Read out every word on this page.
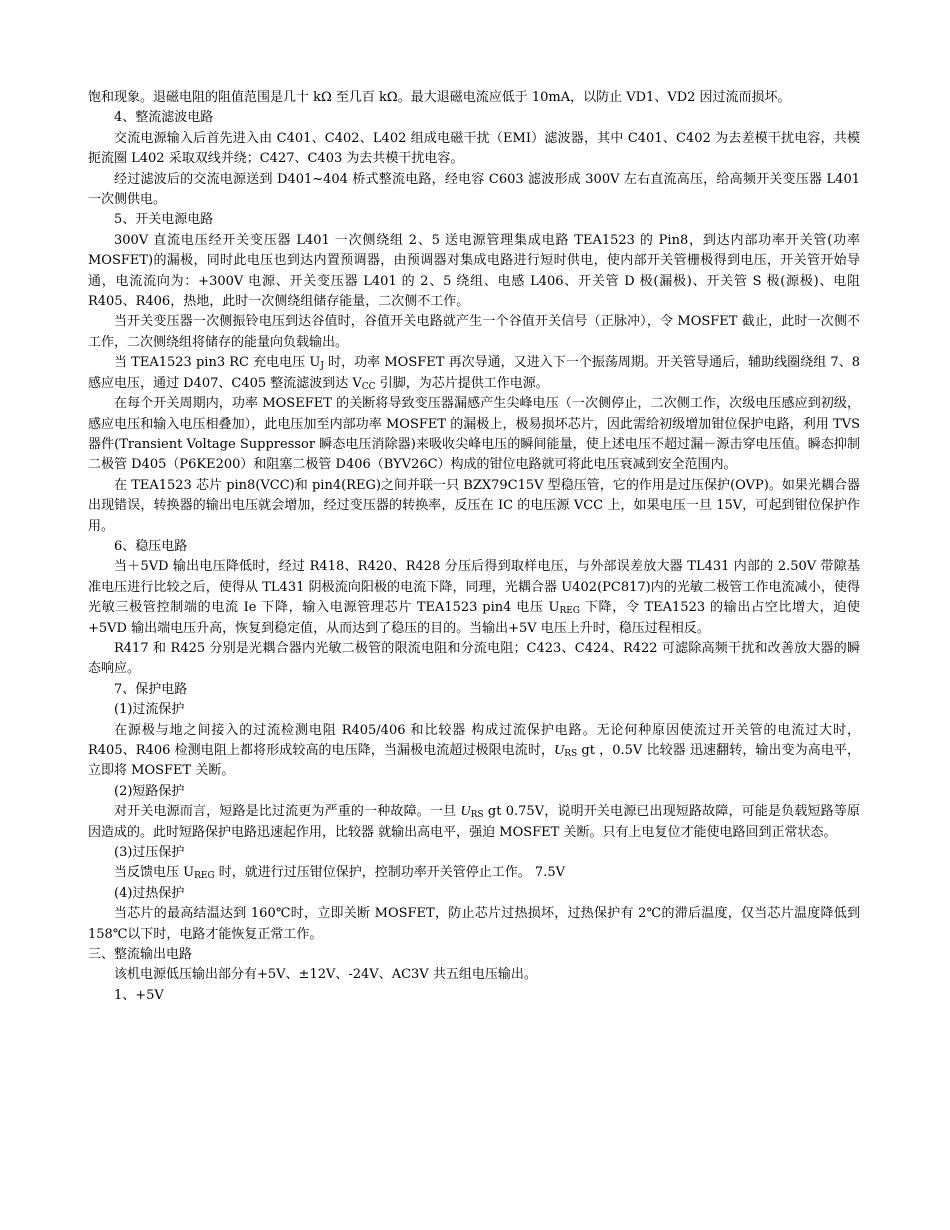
饱和现象。退磁电阻的阻值范围是几十 kΩ 至几百 kΩ。最大退磁电流应低于 10mA，以防止 VD1、VD2 因过流而损坏。

4、整流滤波电路

交流电源输入后首先进入由 C401、C402、L402 组成电磁干扰（EMI）滤波器，其中 C401、C402 为去差模干扰电容，共模扼流圈 L402 采取双线并绕；C427、C403 为去共模干扰电容。

经过滤波后的交流电源送到 D401~404 桥式整流电路，经电容 C603 滤波形成 300V 左右直流高压，给高频开关变压器 L401 一次侧供电。

5、开关电源电路

300V 直流电压经开关变压器 L401 一次侧绕组 2、5 送电源管理集成电路 TEA1523 的 Pin8，到达内部功率开关管(功率 MOSFET)的漏极，同时此电压也到达内置预调器，由预调器对集成电路进行短时供电，使内部开关管栅极得到电压，开关管开始导通，电流流向为：+300V 电源、开关变压器 L401 的 2、5 绕组、电感 L406、开关管 D 极(漏极)、开关管 S 极(源极)、电阻 R405、R406，热地，此时一次侧绕组储存能量，二次侧不工作。

当开关变压器一次侧振铃电压到达谷值时，谷值开关电路就产生一个谷值开关信号（正脉冲），令 MOSFET 截止，此时一次侧不工作，二次侧绕组将储存的能量向负载输出。

当 TEA1523 pin3 RC 充电电压 $U_J$ 时，功率 MOSFET 再次导通，又进入下一个振荡周期。开关管导通后，辅助线圈绕组 7、8 感应电压，通过 D407、C405 整流滤波到达 $V_{CC}$ 引脚，为芯片提供工作电源。

在每个开关周期内，功率 MOSEFET 的关断将导致变压器漏感产生尖峰电压（一次侧停止，二次侧工作，次级电压感应到初级，感应电压和输入电压相叠加），此电压加至内部功率 MOSFET 的漏极上，极易损坏芯片，因此需给初级增加钳位保护电路，利用 TVS 器件(Transient Voltage Suppressor 瞬态电压消除器)来吸收尖峰电压的瞬间能量，使上述电压不超过漏－源击穿电压值。瞬态抑制二极管 D405（P6KE200）和阻塞二极管 D406（BYV26C）构成的钳位电路就可将此电压衰减到安全范围内。

在 TEA1523 芯片 pin8(VCC)和 pin4(REG)之间并联一只 BZX79C15V 型稳压管，它的作用是过压保护(OVP)。如果光耦合器出现错误，转换器的输出电压就会增加，经过变压器的转换率，反压在 IC 的电压源 VCC 上，如果电压一旦 15V，可起到钳位保护作用。

6、稳压电路

当＋5VD 输出电压降低时，经过 R418、R420、R428 分压后得到取样电压，与外部误差放大器 TL431 内部的 2.50V 带隙基准电压进行比较之后，使得从 TL431 阴极流向阳极的电流下降，同理，光耦合器 U402(PC817)内的光敏二极管工作电流减小，使得光敏三极管控制端的电流 Ie 下降，输入电源管理芯片 TEA1523 pin4 电压 $U_{REG}$ 下降，令 TEA1523 的输出占空比增大，迫使+5VD 输出端电压升高，恢复到稳定值，从而达到了稳压的目的。当输出+5V 电压上升时，稳压过程相反。

R417 和 R425 分别是光耦合器内光敏二极管的限流电阻和分流电阻；C423、C424、R422 可滤除高频干扰和改善放大器的瞬态响应。

7、保护电路

(1)过流保护

在源极与地之间接入的过流检测电阻 R405/406 和比较器 构成过流保护电路。无论何种原因使流过开关管的电流过大时，R405、R406 检测电阻上都将形成较高的电压降，当漏极电流超过极限电流时，$U_{RS}$ gt ，0.5V 比较器 迅速翻转，输出变为高电平，立即将 MOSFET 关断。

(2)短路保护

对开关电源而言，短路是比过流更为严重的一种故障。一旦 $U_{RS}$ gt 0.75V，说明开关电源已出现短路故障，可能是负载短路等原因造成的。此时短路保护电路迅速起作用，比较器 就输出高电平，强迫 MOSFET 关断。只有上电复位才能使电路回到正常状态。

(3)过压保护

当反馈电压 $U_{REG}$ 时，就进行过压钳位保护，控制功率开关管停止工作。 7.5V

(4)过热保护

当芯片的最高结温达到 160℃时，立即关断 MOSFET，防止芯片过热损坏，过热保护有 2℃的滞后温度，仅当芯片温度降低到 158℃以下时，电路才能恢复正常工作。

三、整流输出电路

该机电源低压输出部分有+5V、±12V、-24V、AC3V 共五组电压输出。

1、+5V
